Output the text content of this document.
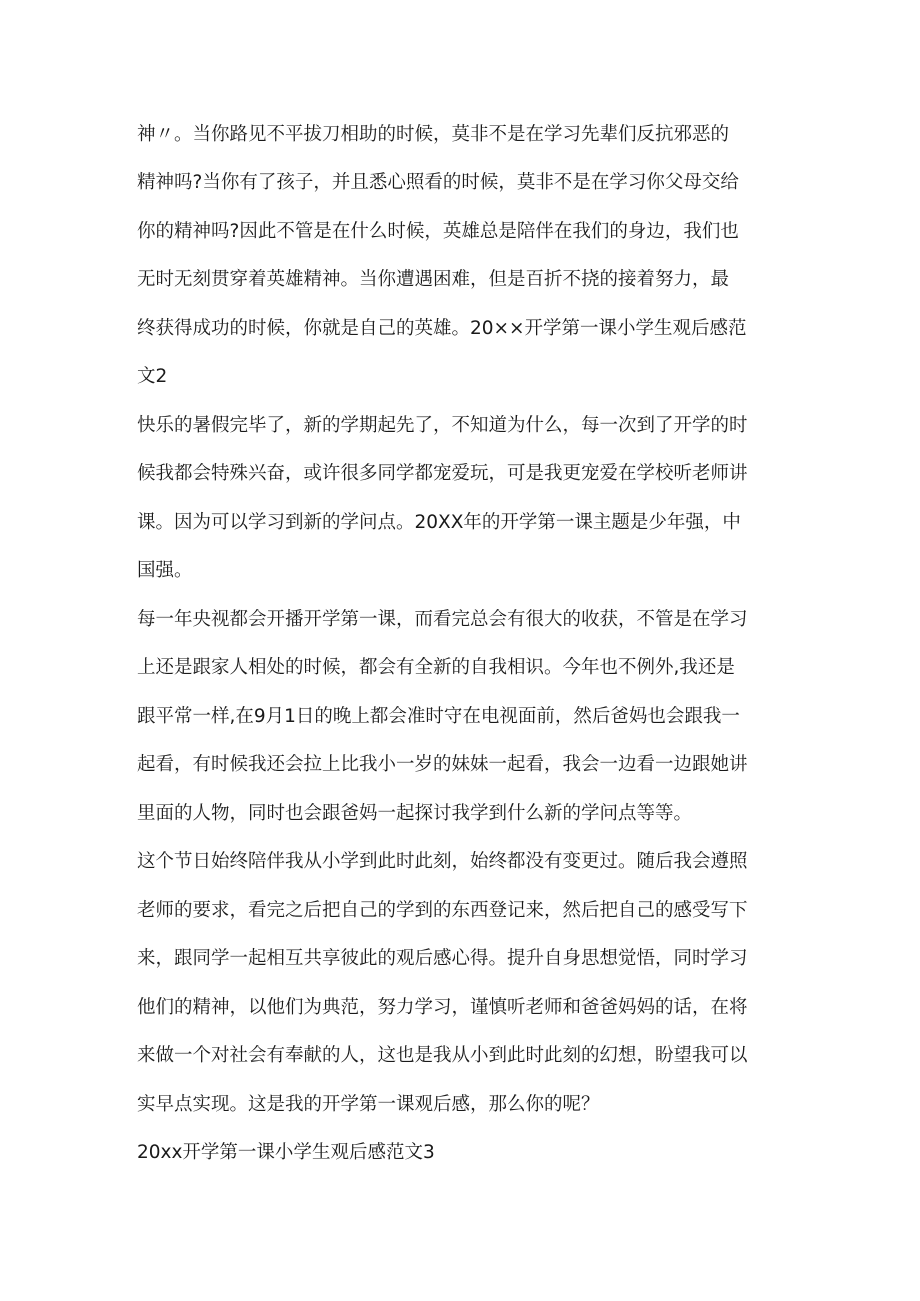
神〃。当你路见不平拔刀相助的时候，莫非不是在学习先辈们反抗邪恶的

精神吗?当你有了孩子，并且悉心照看的时候，莫非不是在学习你父母交给

你的精神吗?因此不管是在什么时候，英雄总是陪伴在我们的身边，我们也

无时无刻贯穿着英雄精神。当你遭遇困难，但是百折不挠的接着努力，最

终获得成功的时候，你就是自己的英雄。20××开学第一课小学生观后感范

文2

快乐的暑假完毕了，新的学期起先了，不知道为什么，每一次到了开学的时

候我都会特殊兴奋，或许很多同学都宠爱玩，可是我更宠爱在学校听老师讲

课。因为可以学习到新的学问点。20XX年的开学第一课主题是少年强，中

国强。

每一年央视都会开播开学第一课，而看完总会有很大的收获，不管是在学习

上还是跟家人相处的时候，都会有全新的自我相识。今年也不例外,我还是

跟平常一样,在9月1日的晚上都会准时守在电视面前，然后爸妈也会跟我一

起看，有时候我还会拉上比我小一岁的妹妹一起看，我会一边看一边跟她讲

里面的人物，同时也会跟爸妈一起探讨我学到什么新的学问点等等。

这个节日始终陪伴我从小学到此时此刻，始终都没有变更过。随后我会遵照

老师的要求，看完之后把自己的学到的东西登记来，然后把自己的感受写下

来，跟同学一起相互共享彼此的观后感心得。提升自身思想觉悟，同时学习

他们的精神，以他们为典范，努力学习，谨慎听老师和爸爸妈妈的话，在将

来做一个对社会有奉献的人，这也是我从小到此时此刻的幻想，盼望我可以

实早点实现。这是我的开学第一课观后感，那么你的呢？

20xx开学第一课小学生观后感范文3
